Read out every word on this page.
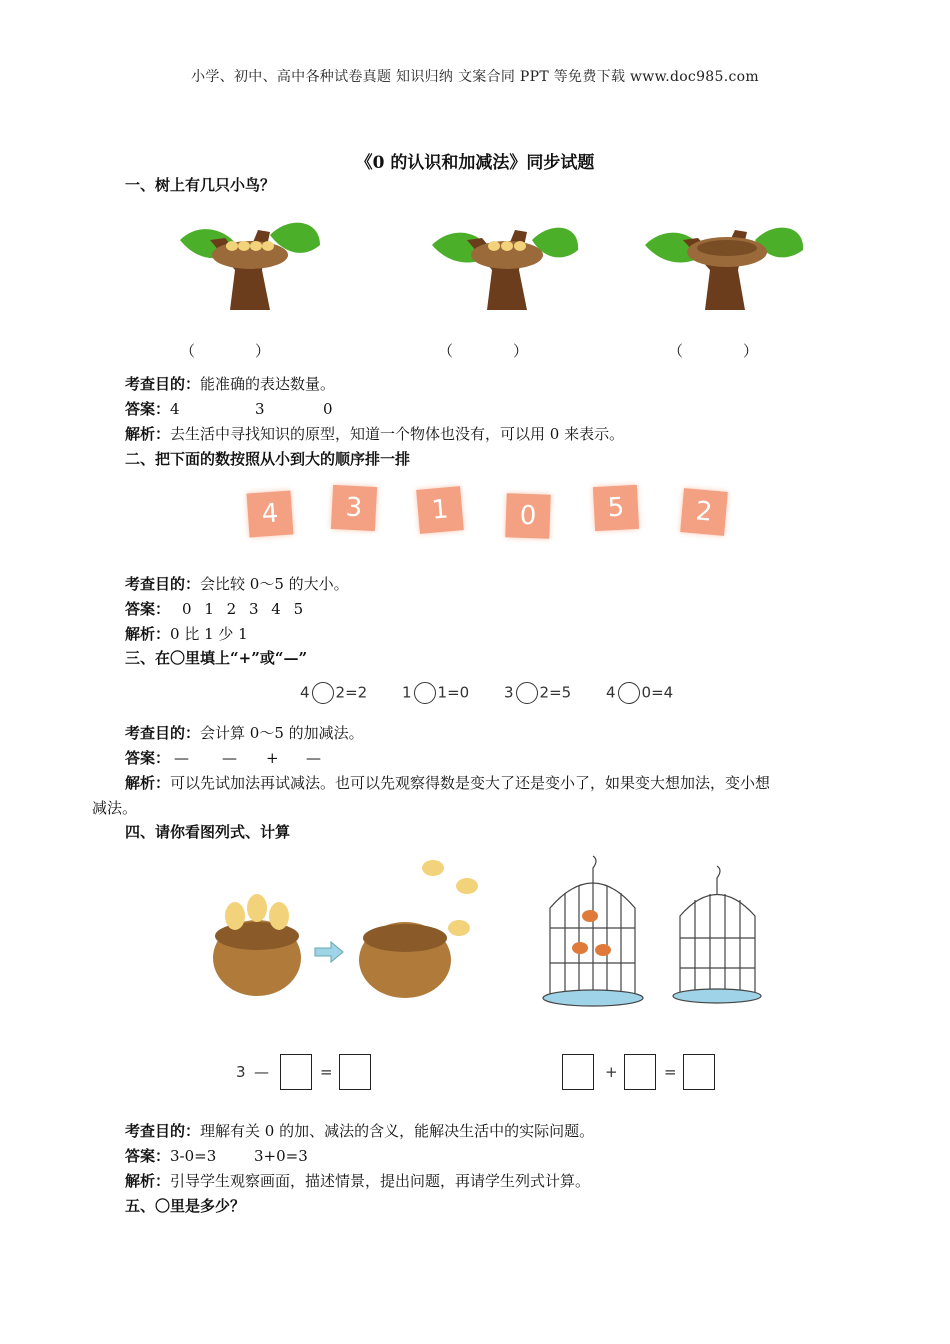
小学、初中、高中各种试卷真题 知识归纳 文案合同 PPT 等免费下载 www.doc985.com
《0 的认识和加减法》同步试题
一、树上有几只小鸟？
（　　　　）	（　　　　）	（　　　　）
考查目的：能准确的表达数量。
答案：4	3	0
解析：去生活中寻找知识的原型，知道一个物体也没有，可以用 0 来表示。
二、把下面的数按照从小到大的顺序排一排
4	3	1	0	5	2
考查目的：会比较 0～5 的大小。
答案： 0 1 2 3 4 5
解析：0 比 1 少 1
三、在〇里填上“+”或“—”
4 2=2 1 1=0 3 2=5 4 0=4
考查目的：会计算 0～5 的加减法。
答案： — — + —
解析：可以先试加法再试减法。也可以先观察得数是变大了还是变小了，如果变大想加法，变小想
减法。
四、请你看图列式、计算
3 —	=	+	=
考查目的：理解有关 0 的加、减法的含义，能解决生活中的实际问题。
答案：3-0=3	3+0=3
解析：引导学生观察画面，描述情景，提出问题，再请学生列式计算。
五、〇里是多少？
